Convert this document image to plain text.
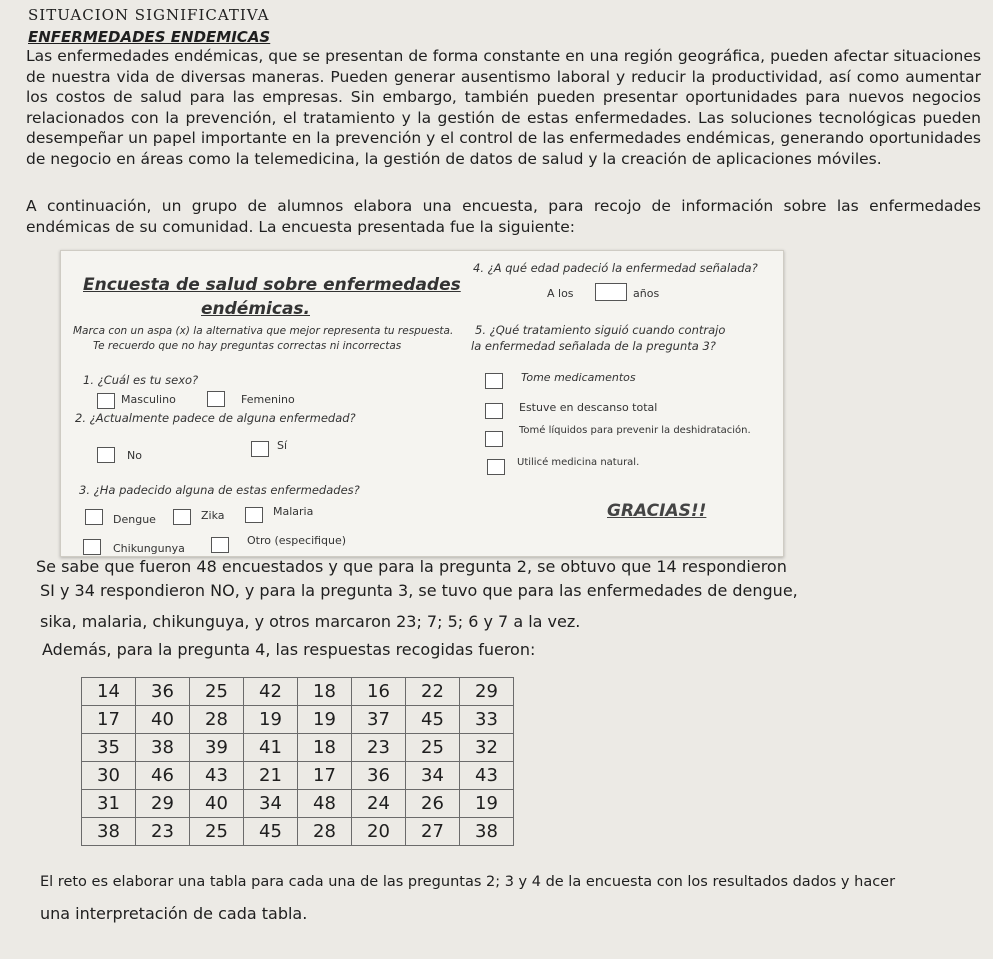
SITUACION SIGNIFICATIVA
ENFERMEDADES ENDEMICAS
Las enfermedades endémicas, que se presentan de forma constante en una región geográfica, pueden afectar situaciones de nuestra vida de diversas maneras. Pueden generar ausentismo laboral y reducir la productividad, así como aumentar los costos de salud para las empresas. Sin embargo, también pueden presentar oportunidades para nuevos negocios relacionados con la prevención, el tratamiento y la gestión de estas enfermedades. Las soluciones tecnológicas pueden desempeñar un papel importante en la prevención y el control de las enfermedades endémicas, generando oportunidades de negocio en áreas como la telemedicina, la gestión de datos de salud y la creación de aplicaciones móviles.
A continuación, un grupo de alumnos elabora una encuesta, para recojo de información sobre las enfermedades endémicas de su comunidad. La encuesta presentada fue la siguiente:
Encuesta de salud sobre enfermedades
endémicas.
Marca con un aspa (x) la alternativa que mejor representa tu respuesta.
Te recuerdo que no hay preguntas correctas ni incorrectas
1. ¿Cuál es tu sexo?
Masculino	Femenino
2. ¿Actualmente padece de alguna enfermedad?
No
Sí
3. ¿Ha padecido alguna de estas enfermedades?
Dengue	Zika	Malaria
Chikungunya
Otro (especifique)
4. ¿A qué edad padeció la enfermedad señalada?
A los	años
5. ¿Qué tratamiento siguió cuando contrajo
la enfermedad señalada de la pregunta 3?
Tome medicamentos
Estuve en descanso total
Tomé líquidos para prevenir la deshidratación.
Utilicé medicina natural.
GRACIAS!!
Se sabe que fueron 48 encuestados y que para la pregunta 2, se obtuvo que 14 respondieron
SI y 34 respondieron NO, y para la pregunta 3, se tuvo que para las enfermedades de dengue,
sika, malaria, chikunguya, y otros marcaron 23; 7; 5; 6 y 7 a la vez.
Además, para la pregunta 4, las respuestas recogidas fueron:
14	36	25	42	18	16	22	29
17	40	28	19	19	37	45	33
35	38	39	41	18	23	25	32
30	46	43	21	17	36	34	43
31	29	40	34	48	24	26	19
38	23	25	45	28	20	27	38
El reto es elaborar una tabla para cada una de las preguntas 2; 3 y 4 de la encuesta con los resultados dados y hacer
una interpretación de cada tabla.
